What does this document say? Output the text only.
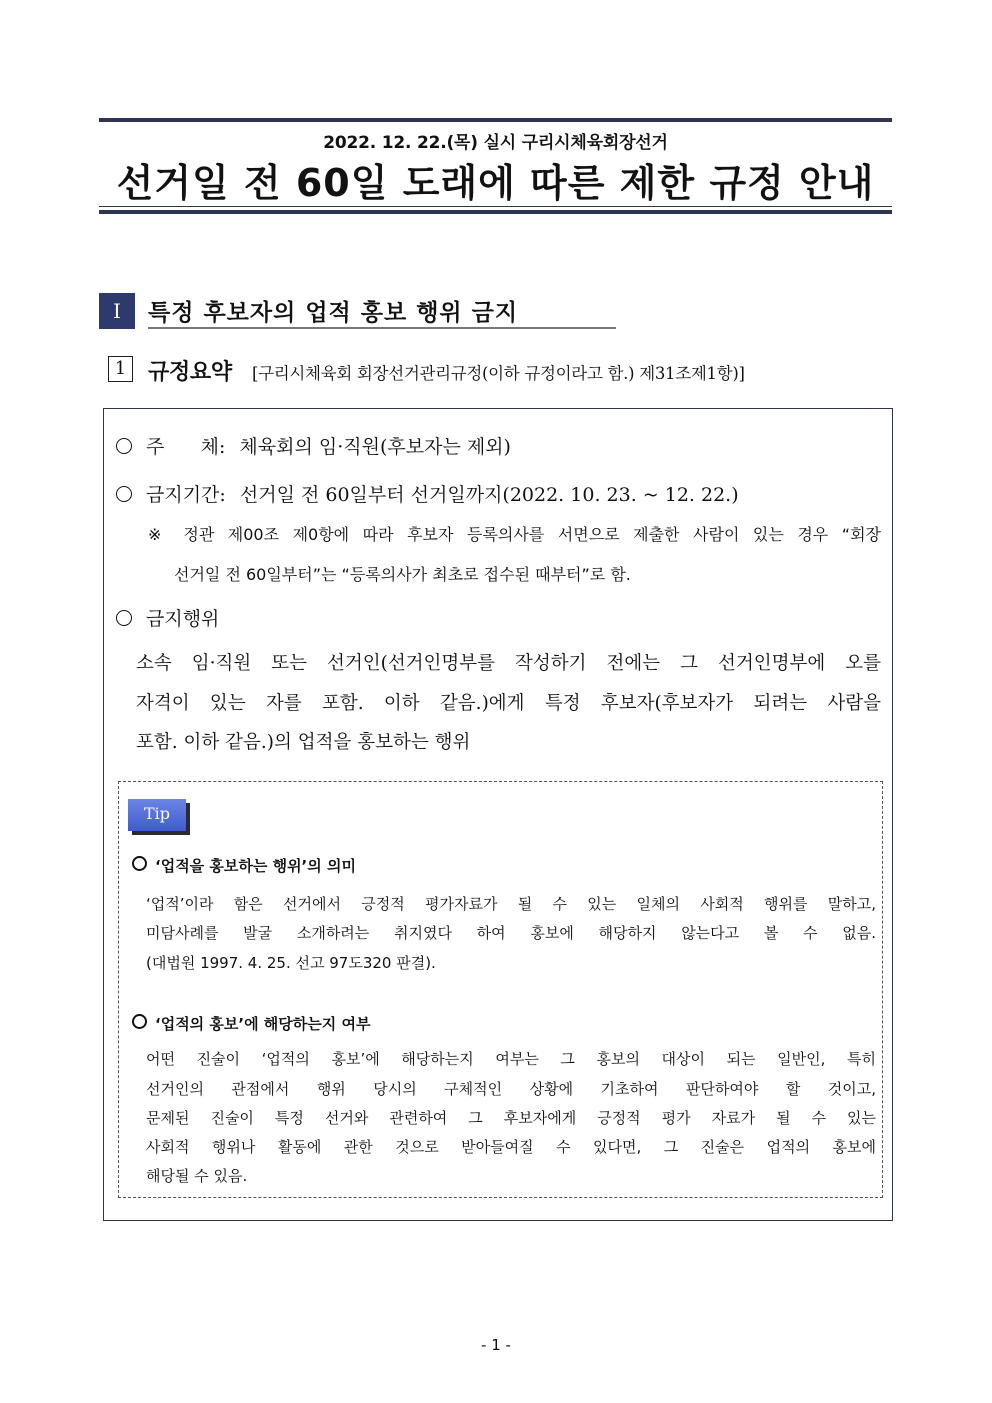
2022. 12. 22.(목) 실시 구리시체육회장선거
선거일 전 60일 도래에 따른 제한 규정 안내
Ⅰ	특정 후보자의 업적 홍보 행위 금지
1 규정요약 [구리시체육회 회장선거관리규정(이하 규정이라고 함.) 제31조제1항)]
주      체: 체육회의 임·직원(후보자는 제외)
금지기간: 선거일 전 60일부터 선거일까지(2022. 10. 23. ~ 12. 22.)
※ 정관 제00조 제0항에 따라 후보자 등록의사를 서면으로 제출한 사람이 있는 경우 “회장
선거일 전 60일부터”는 “등록의사가 최초로 접수된 때부터”로 함.
금지행위
소속 임·직원 또는 선거인(선거인명부를 작성하기 전에는 그 선거인명부에 오를
자격이 있는 자를 포함. 이하 같음.)에게 특정 후보자(후보자가 되려는 사람을
포함. 이하 같음.)의 업적을 홍보하는 행위
Tip
‘업적을 홍보하는 행위’의 의미
‘업적’이라 함은 선거에서 긍정적 평가자료가 될 수 있는 일체의 사회적 행위를 말하고,
미담사례를 발굴 소개하려는 취지였다 하여 홍보에 해당하지 않는다고 볼 수 없음.
(대법원 1997. 4. 25. 선고 97도320 판결).
‘업적의 홍보’에 해당하는지 여부
어떤 진술이 ‘업적의 홍보’에 해당하는지 여부는 그 홍보의 대상이 되는 일반인, 특히
선거인의 관점에서 행위 당시의 구체적인 상황에 기초하여 판단하여야 할 것이고,
문제된 진술이 특정 선거와 관련하여 그 후보자에게 긍정적 평가 자료가 될 수 있는
사회적 행위나 활동에 관한 것으로 받아들여질 수 있다면, 그 진술은 업적의 홍보에
해당될 수 있음.
- 1 -
